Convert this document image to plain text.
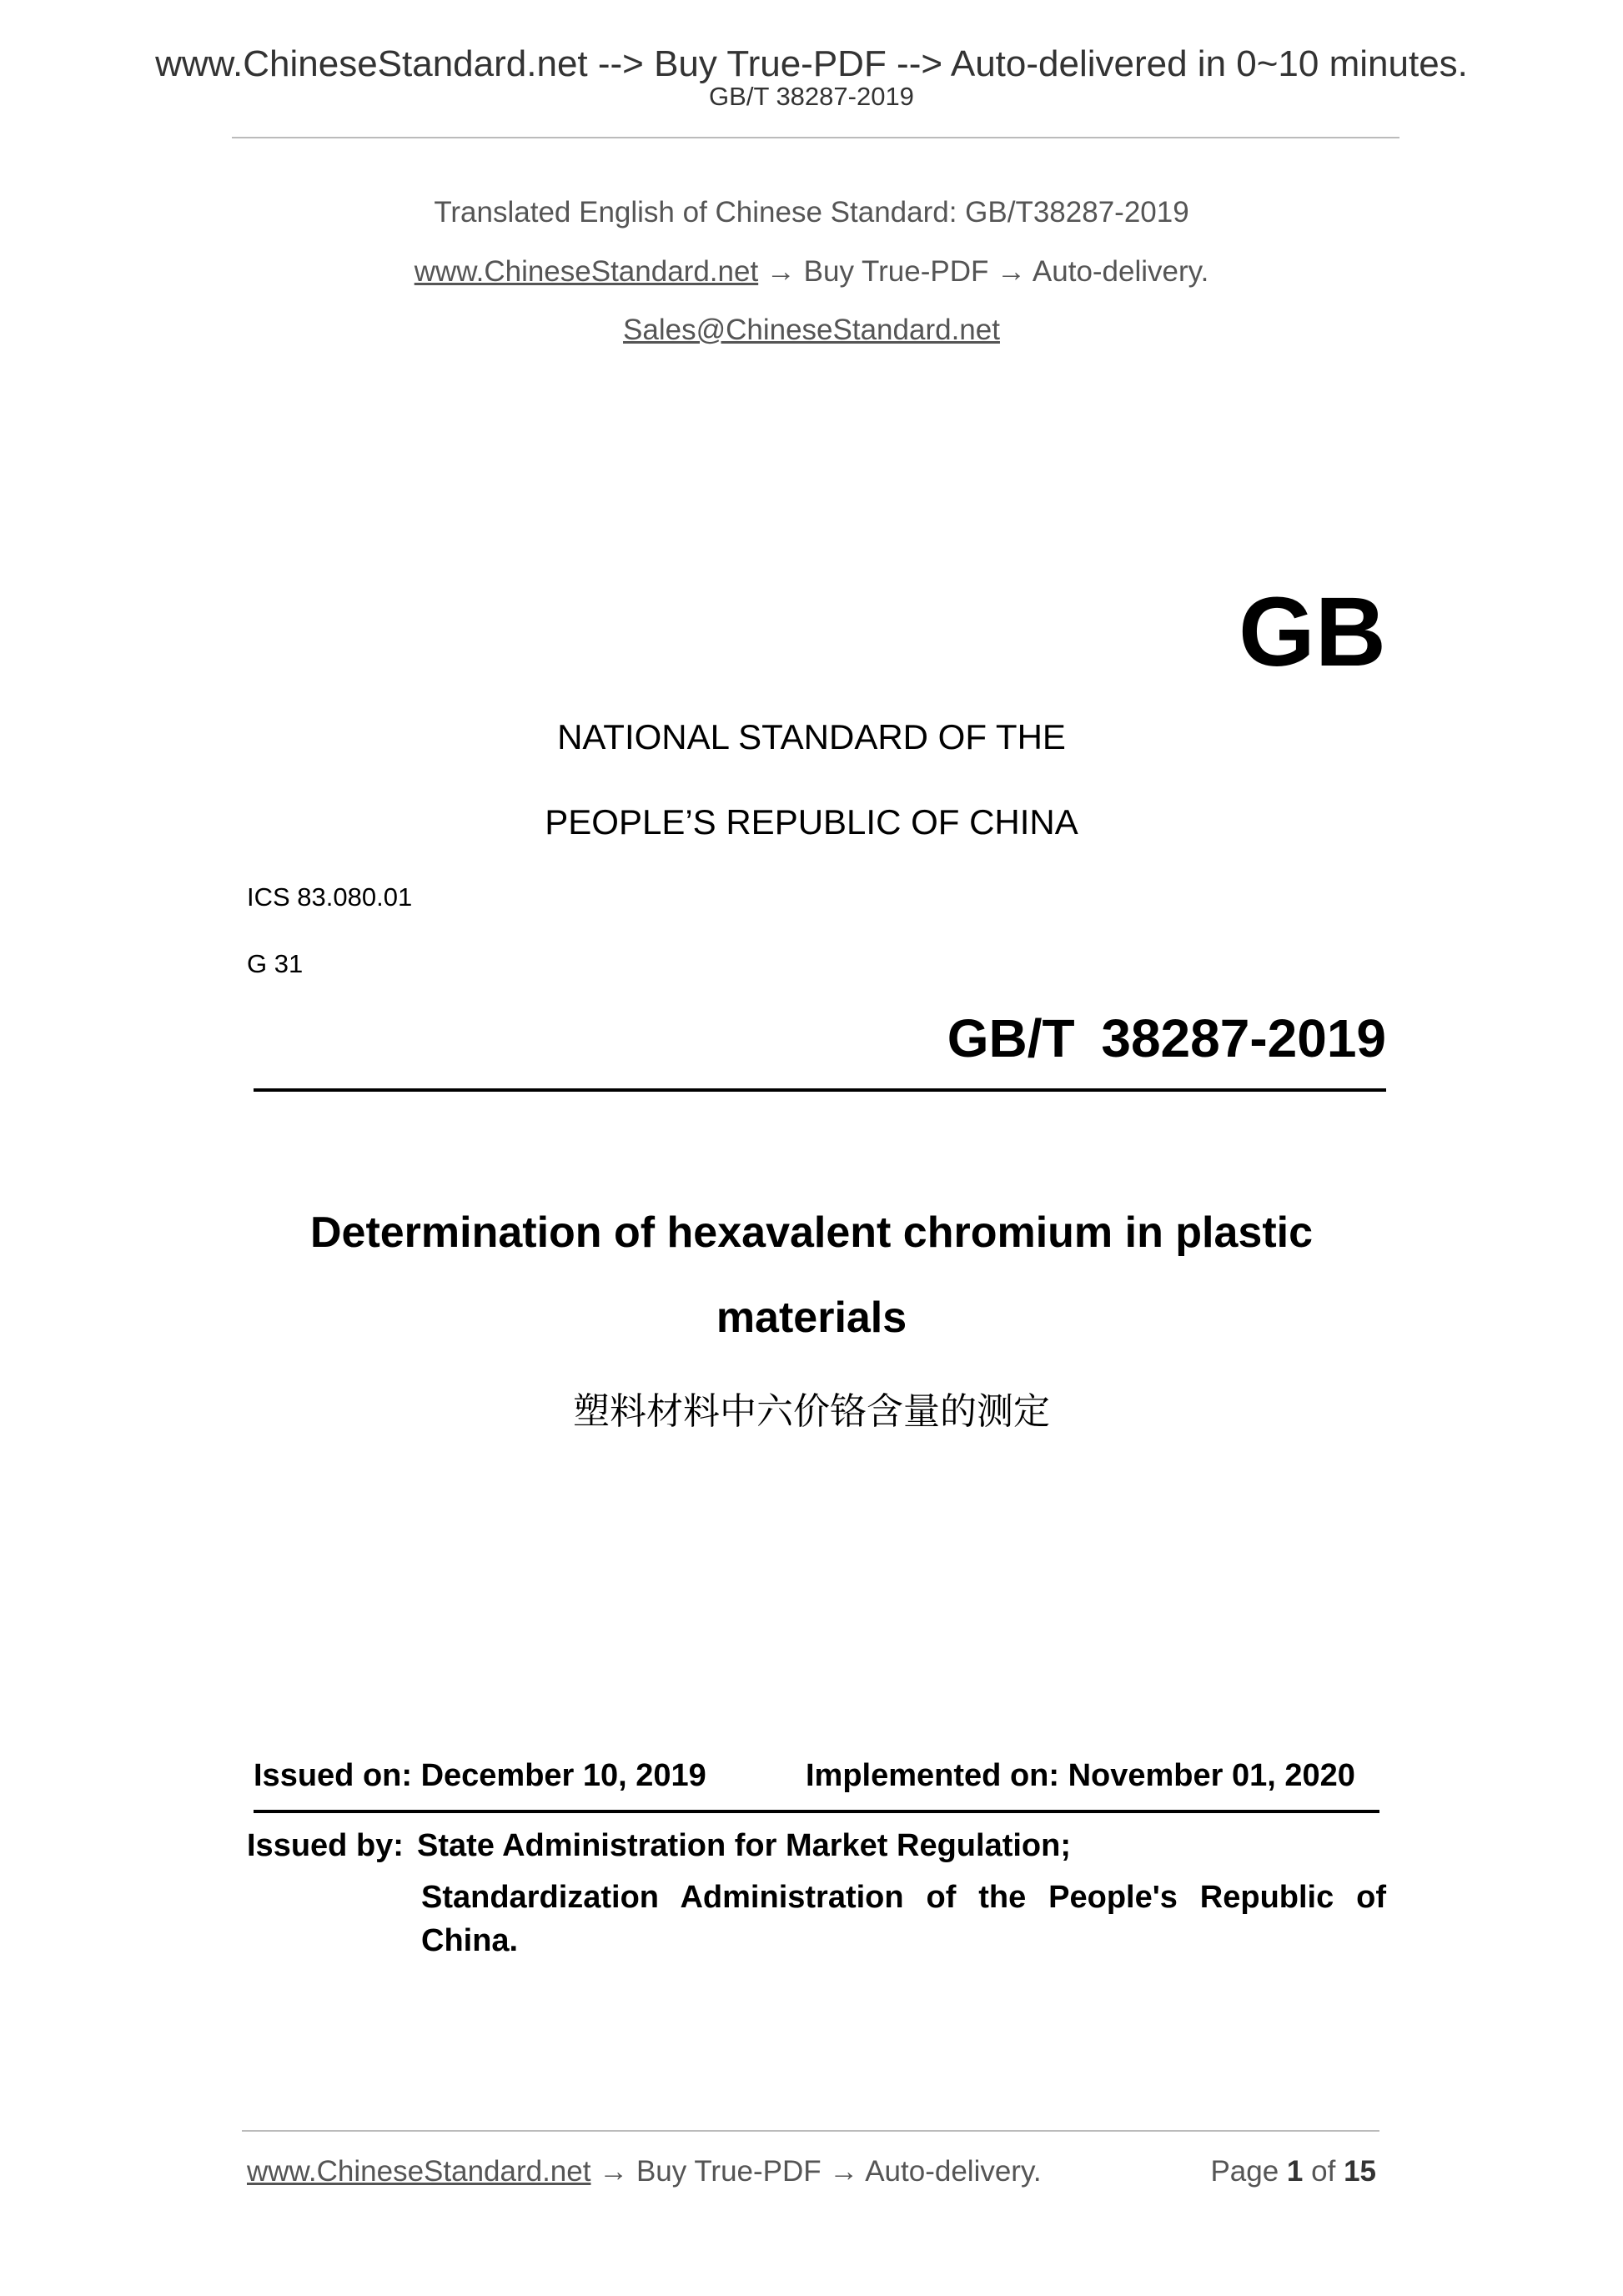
www.ChineseStandard.net --> Buy True-PDF --> Auto-delivered in 0~10 minutes.
GB/T 38287-2019
Translated English of Chinese Standard: GB/T38287-2019
www.ChineseStandard.net → Buy True-PDF → Auto-delivery.
Sales@ChineseStandard.net
GB
NATIONAL STANDARD OF THE
PEOPLE’S REPUBLIC OF CHINA
ICS 83.080.01
G 31
GB/T 38287-2019
Determination of hexavalent chromium in plastic
materials
塑料材料中六价铬含量的测定
Issued on: December 10, 2019	Implemented on: November 01, 2020
Issued by: State Administration for Market Regulation;
Standardization Administration of the People's Republic of
China.
www.ChineseStandard.net → Buy True-PDF → Auto-delivery.	Page 1 of 15
